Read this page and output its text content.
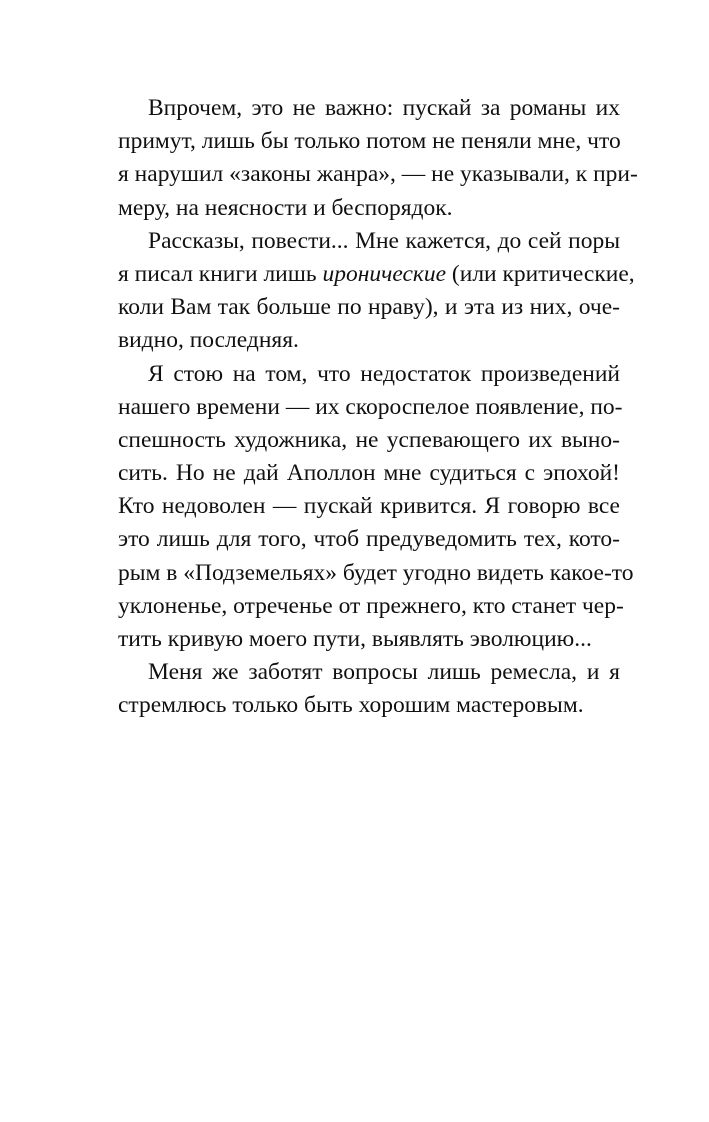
Впрочем, это не важно: пускай за романы их
примут, лишь бы только потом не пеняли мне, что
я нарушил «законы жанра», — не указывали, к при-
меру, на неясности и беспорядок.
Рассказы, повести... Мне кажется, до сей поры
я писал книги лишь иронические (или критические,
коли Вам так больше по нраву), и эта из них, оче-
видно, последняя.
Я стою на том, что недостаток произведений
нашего времени — их скороспелое появление, по-
спешность художника, не успевающего их выно-
сить. Но не дай Аполлон мне судиться с эпохой!
Кто недоволен — пускай кривится. Я говорю все
это лишь для того, чтоб предуведомить тех, кото-
рым в «Подземельях» будет угодно видеть какое-то
уклоненье, отреченье от прежнего, кто станет чер-
тить кривую моего пути, выявлять эволюцию...
Меня же заботят вопросы лишь ремесла, и я
стремлюсь только быть хорошим мастеровым.
